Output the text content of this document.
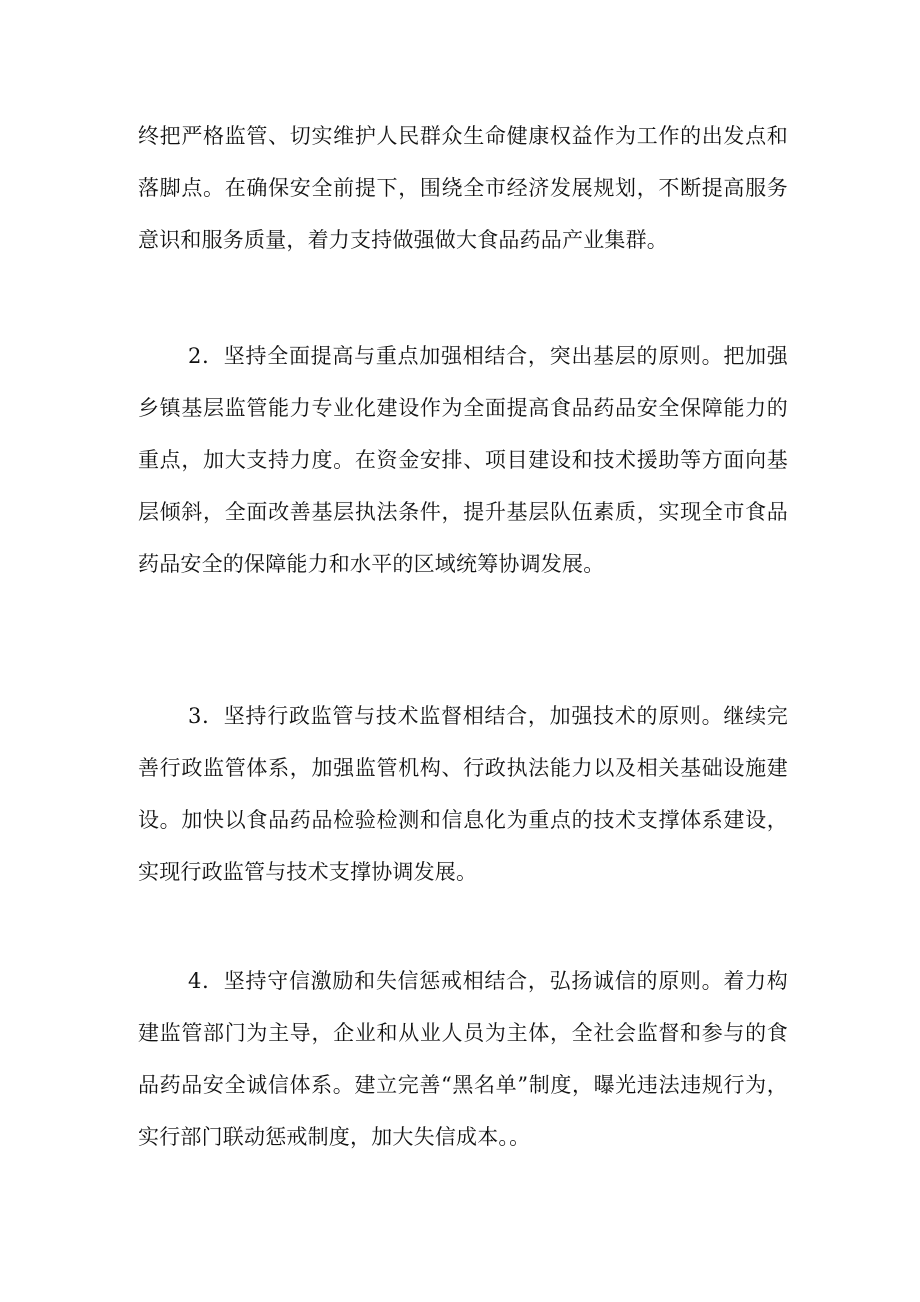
终把严格监管、切实维护人民群众生命健康权益作为工作的出发点和落脚点。在确保安全前提下，围绕全市经济发展规划，不断提高服务意识和服务质量，着力支持做强做大食品药品产业集群。

2．坚持全面提高与重点加强相结合，突出基层的原则。把加强乡镇基层监管能力专业化建设作为全面提高食品药品安全保障能力的重点，加大支持力度。在资金安排、项目建设和技术援助等方面向基层倾斜，全面改善基层执法条件，提升基层队伍素质，实现全市食品药品安全的保障能力和水平的区域统筹协调发展。

3．坚持行政监管与技术监督相结合，加强技术的原则。继续完善行政监管体系，加强监管机构、行政执法能力以及相关基础设施建设。加快以食品药品检验检测和信息化为重点的技术支撑体系建设，实现行政监管与技术支撑协调发展。

4．坚持守信激励和失信惩戒相结合，弘扬诚信的原则。着力构建监管部门为主导，企业和从业人员为主体，全社会监督和参与的食品药品安全诚信体系。建立完善“黑名单”制度，曝光违法违规行为，实行部门联动惩戒制度，加大失信成本。。
